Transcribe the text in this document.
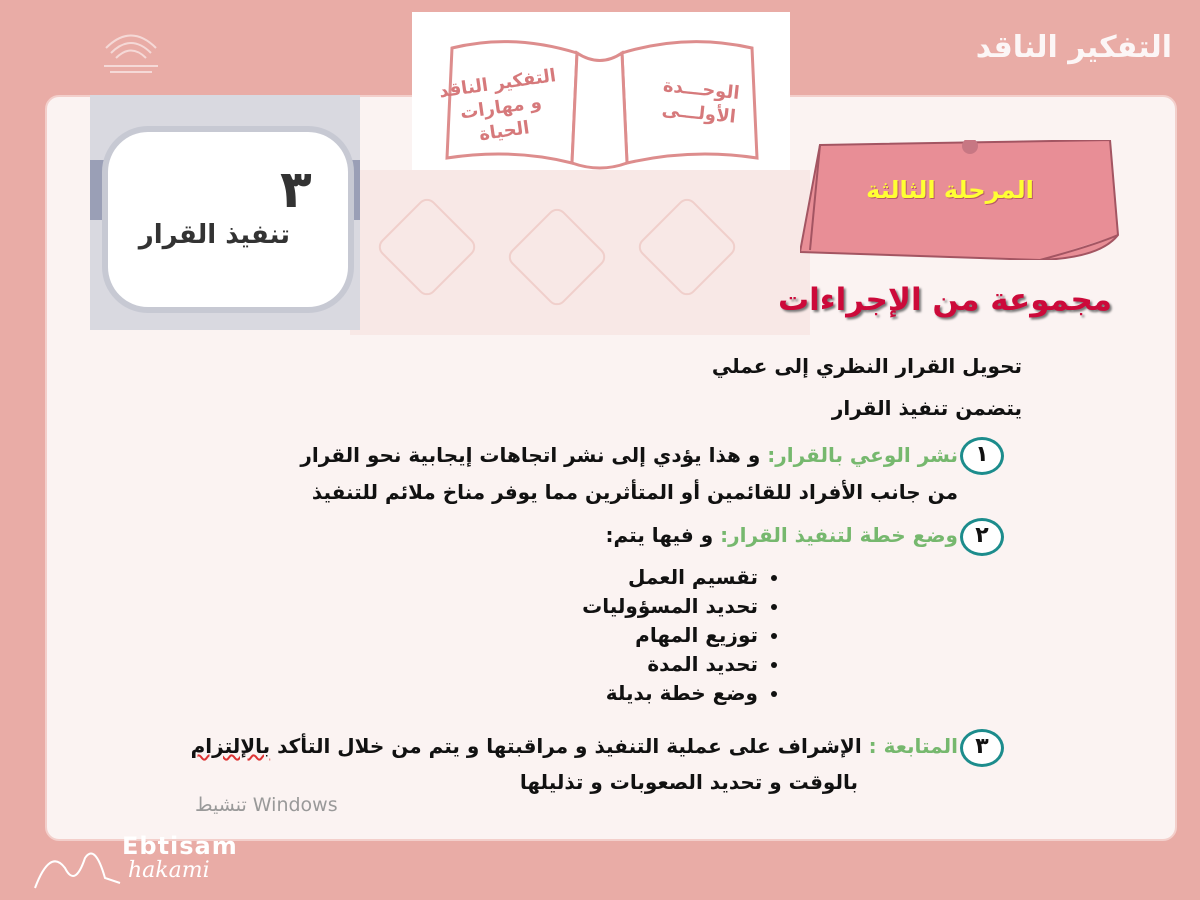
التفكير الناقد
التفكير الناقد و مهارات الحياة
الوحـــدة الأولـــى
٣
تنفيذ القرار
المرحلة الثالثة
مجموعة من الإجراءات
تحويل القرار النظري إلى عملي
يتضمن تنفيذ القرار
١
نشر الوعي بالقرار: و هذا يؤدي إلى نشر اتجاهات إيجابية نحو القرار
من جانب الأفراد للقائمين أو المتأثرين مما يوفر مناخ ملائم للتنفيذ
٢
وضع خطة لتنفيذ القرار: و فيها يتم:
• تقسيم العمل
• تحديد المسؤوليات
• توزيع المهام
• تحديد المدة
• وضع خطة بديلة
٣
المتابعة : الإشراف على عملية التنفيذ و مراقبتها و يتم من خلال التأكد بالإلتزام
بالوقت و تحديد الصعوبات و تذليلها
تنشيط Windows
Ebtisam
hakami
